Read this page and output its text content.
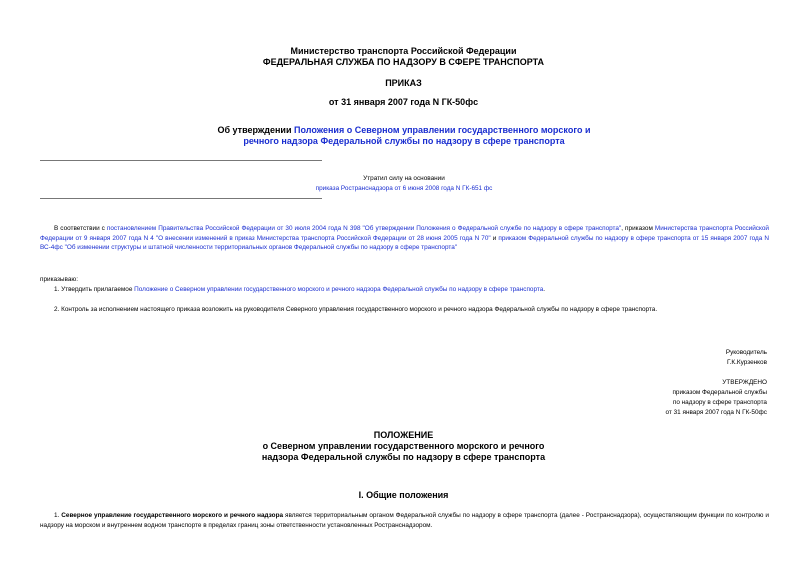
Министерство транспорта Российской Федерации
ФЕДЕРАЛЬНАЯ СЛУЖБА ПО НАДЗОРУ В СФЕРЕ ТРАНСПОРТА
ПРИКАЗ
от 31 января 2007 года N ГК-50фс
Об утверждении Положения о Северном управлении государственного морского и речного надзора Федеральной службы по надзору в сфере транспорта
Утратил силу на основании
приказа Ространснадзора от 6 июня 2008 года N ГК-651 фс
В соответствии с постановлением Правительства Российской Федерации от 30 июля 2004 года N 398 "Об утверждении Положения о Федеральной службе по надзору в сфере транспорта", приказом Министерства транспорта Российской Федерации от 9 января 2007 года N 4 "О внесении изменений в приказ Министерства транспорта Российской Федерации от 28 июня 2005 года N 70" и приказом Федеральной службы по надзору в сфере транспорта от 15 января 2007 года N ВС-4фс "Об изменении структуры и штатной численности территориальных органов Федеральной службы по надзору в сфере транспорта"
приказываю:
1. Утвердить прилагаемое Положение о Северном управлении государственного морского и речного надзора Федеральной службы по надзору в сфере транспорта.
2. Контроль за исполнением настоящего приказа возложить на руководителя Северного управления государственного морского и речного надзора Федеральной службы по надзору в сфере транспорта.
Руководитель
Г.К.Курзенков
УТВЕРЖДЕНО
приказом Федеральной службы
по надзору в сфере транспорта
от 31 января 2007 года N ГК-50фс
ПОЛОЖЕНИЕ
о Северном управлении государственного морского и речного
надзора Федеральной службы по надзору в сфере транспорта
I. Общие положения
1. Северное управление государственного морского и речного надзора является территориальным органом Федеральной службы по надзору в сфере транспорта (далее - Ространснадзора), осуществляющим функции по контролю и надзору на морском и внутреннем водном транспорте в пределах границ зоны ответственности установленных Ространснадзором.
